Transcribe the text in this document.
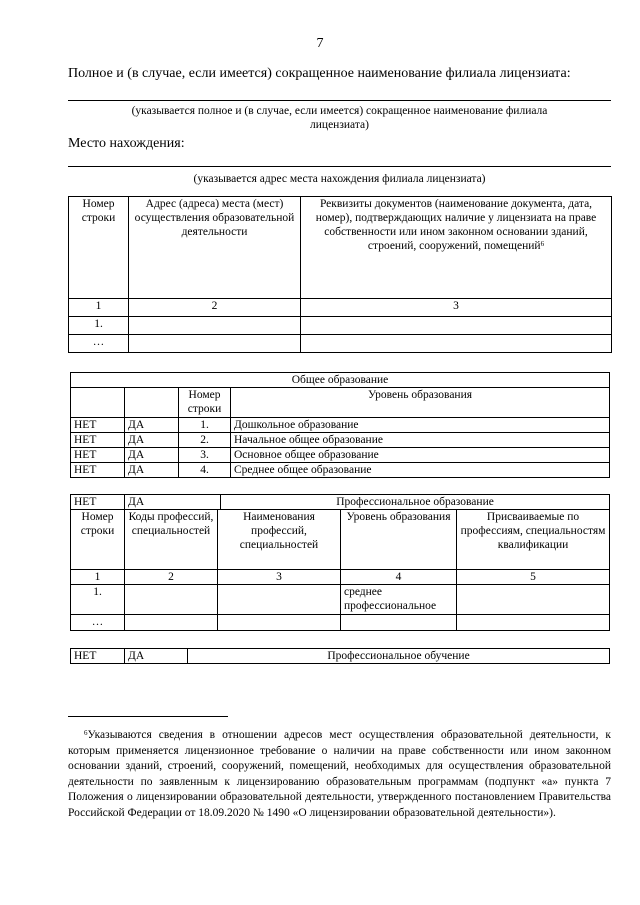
7
Полное и (в случае, если имеется) сокращенное наименование филиала лицензиата:
(указывается полное и (в случае, если имеется) сокращенное наименование филиала
лицензиата)
Место нахождения:
(указывается адрес места нахождения филиала лицензиата)
Номер строки	Адрес (адреса) места (мест) осуществления образовательной деятельности	Реквизиты документов (наименование документа, дата, номер), подтверждающих наличие у лицензиата на праве собственности или ином законном основании зданий, строений, сооружений, помещений$^6$
1	2	3
1.		
…		
Общее образование			
		Номер строки	Уровень образования
НЕТ	ДА	1.	Дошкольное образование
НЕТ	ДА	2.	Начальное общее образование
НЕТ	ДА	3.	Основное общее образование
НЕТ	ДА	4.	Среднее общее образование
НЕТ	ДА Профессиональное образование			

Номер строки	Коды профессий, специальностей	Наименования профессий, специальностей	Уровень образования	Присваиваемые по профессиям, специальностям квалификации
1	2	3	4	5
1.			среднее профессиональное	
…				
НЕТ	ДА	Профессиональное обучение
$^6$Указываются сведения в отношении адресов мест осуществления образовательной деятельности, к которым применяется лицензионное требование о наличии на праве собственности или ином законном основании зданий, строений, сооружений, помещений, необходимых для осуществления образовательной деятельности по заявленным к лицензированию образовательным программам (подпункт «а» пункта 7 Положения о лицензировании образовательной деятельности, утвержденного постановлением Правительства Российской Федерации от 18.09.2020 № 1490 «О лицензировании образовательной деятельности»).
